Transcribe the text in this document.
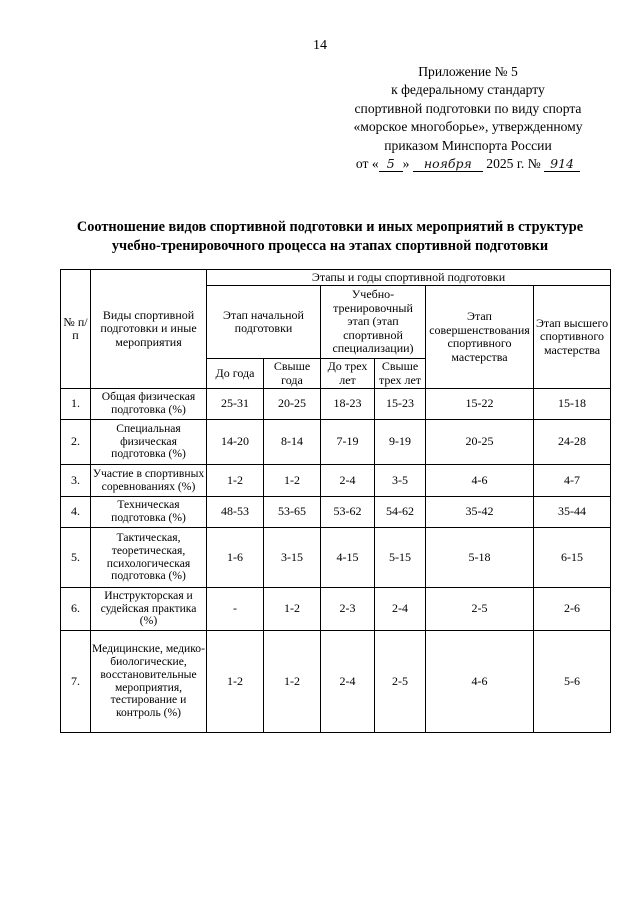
14
Приложение № 5
к федеральному стандарту
спортивной подготовки по виду спорта
«морское многоборье», утвержденному
приказом Минспорта России
от « 5 » ноября 2025 г. № 914
Соотношение видов спортивной подготовки и иных мероприятий в структуре
учебно-тренировочного процесса на этапах спортивной подготовки
№ п/п	Виды спортивной подготовки и иные мероприятия	Этапы и годы спортивной подготовки					
		Этап начальной подготовки		Учебно-тренировочный этап (этап спортивной специализации)		Этап совершенствования спортивного мастерства	Этап высшего спортивного мастерства
		До года	Свыше года	До трех лет	Свыше трех лет		
1.	Общая физическая подготовка (%)	25-31	20-25	18-23	15-23	15-22	15-18
2.	Специальная физическая подготовка (%)	14-20	8-14	7-19	9-19	20-25	24-28
3.	Участие в спортивных соревнованиях (%)	1-2	1-2	2-4	3-5	4-6	4-7
4.	Техническая подготовка (%)	48-53	53-65	53-62	54-62	35-42	35-44
5.	Тактическая, теоретическая, психологическая подготовка (%)	1-6	3-15	4-15	5-15	5-18	6-15
6.	Инструкторская и судейская практика (%)	-	1-2	2-3	2-4	2-5	2-6
7.	Медицинские, медико-биологические, восстановительные мероприятия, тестирование и контроль (%)	1-2	1-2	2-4	2-5	4-6	5-6
